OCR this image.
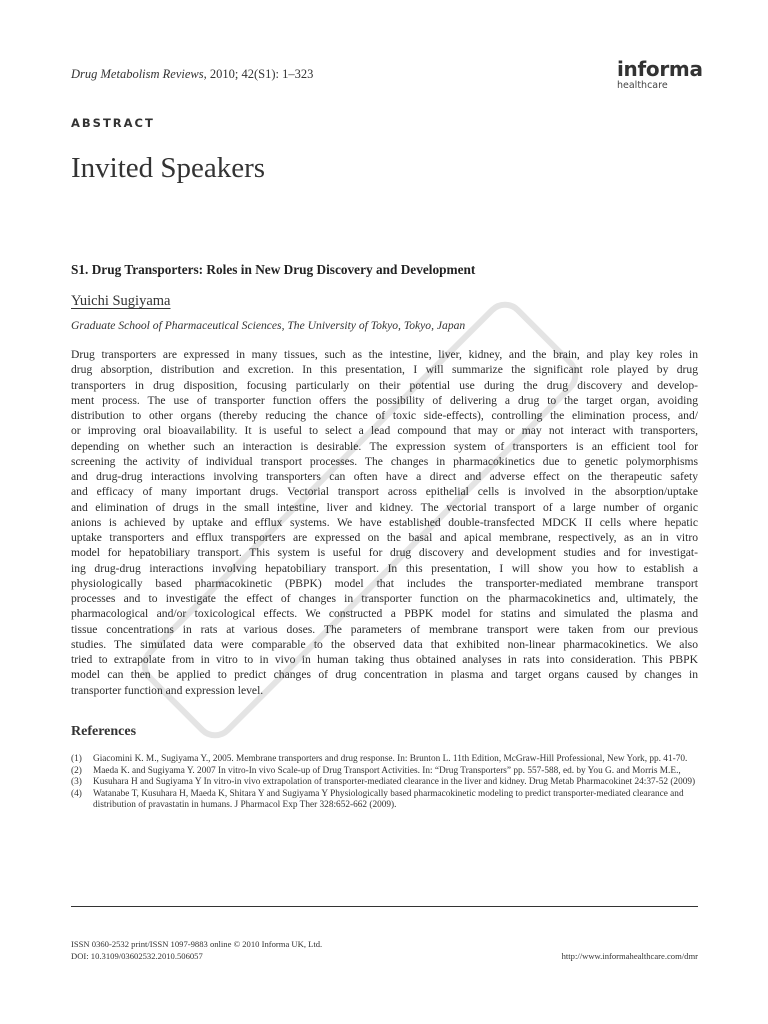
Drug Metabolism Reviews, 2010; 42(S1): 1–323	informa
healthcare
ABSTRACT
Invited Speakers
S1. Drug Transporters: Roles in New Drug Discovery and Development
Yuichi Sugiyama
Graduate School of Pharmaceutical Sciences, The University of Tokyo, Tokyo, Japan
Drug transporters are expressed in many tissues, such as the intestine, liver, kidney, and the brain, and play key roles in
drug absorption, distribution and excretion. In this presentation, I will summarize the significant role played by drug
transporters in drug disposition, focusing particularly on their potential use during the drug discovery and develop-
ment process. The use of transporter function offers the possibility of delivering a drug to the target organ, avoiding
distribution to other organs (thereby reducing the chance of toxic side-effects), controlling the elimination process, and/
or improving oral bioavailability. It is useful to select a lead compound that may or may not interact with transporters,
depending on whether such an interaction is desirable. The expression system of transporters is an efficient tool for
screening the activity of individual transport processes. The changes in pharmacokinetics due to genetic polymorphisms
and drug-drug interactions involving transporters can often have a direct and adverse effect on the therapeutic safety
and efficacy of many important drugs. Vectorial transport across epithelial cells is involved in the absorption/uptake
and elimination of drugs in the small intestine, liver and kidney. The vectorial transport of a large number of organic
anions is achieved by uptake and efflux systems. We have established double-transfected MDCK II cells where hepatic
uptake transporters and efflux transporters are expressed on the basal and apical membrane, respectively, as an in vitro
model for hepatobiliary transport. This system is useful for drug discovery and development studies and for investigat-
ing drug-drug interactions involving hepatobiliary transport. In this presentation, I will show you how to establish a
physiologically based pharmacokinetic (PBPK) model that includes the transporter-mediated membrane transport
processes and to investigate the effect of changes in transporter function on the pharmacokinetics and, ultimately, the
pharmacological and/or toxicological effects. We constructed a PBPK model for statins and simulated the plasma and
tissue concentrations in rats at various doses. The parameters of membrane transport were taken from our previous
studies. The simulated data were comparable to the observed data that exhibited non-linear pharmacokinetics. We also
tried to extrapolate from in vitro to in vivo in human taking thus obtained analyses in rats into consideration. This PBPK
model can then be applied to predict changes of drug concentration in plasma and target organs caused by changes in
transporter function and expression level.
References
(1) Giacomini K. M., Sugiyama Y., 2005. Membrane transporters and drug response. In: Brunton L. 11th Edition, McGraw-Hill Professional, New York, pp. 41-70.
(2) Maeda K. and Sugiyama Y. 2007 In vitro-In vivo Scale-up of Drug Transport Activities. In: “Drug Transporters” pp. 557-588, ed. by You G. and Morris M.E.,
(3) Kusuhara H and Sugiyama Y In vitro-in vivo extrapolation of transporter-mediated clearance in the liver and kidney. Drug Metab Pharmacokinet 24:37-52 (2009)
(4) Watanabe T, Kusuhara H, Maeda K, Shitara Y and Sugiyama Y Physiologically based pharmacokinetic modeling to predict transporter-mediated clearance and distribution of pravastatin in humans. J Pharmacol Exp Ther 328:652-662 (2009).
ISSN 0360-2532 print/ISSN 1097-9883 online © 2010 Informa UK, Ltd.
DOI: 10.3109/03602532.2010.506057	http://www.informahealthcare.com/dmr
